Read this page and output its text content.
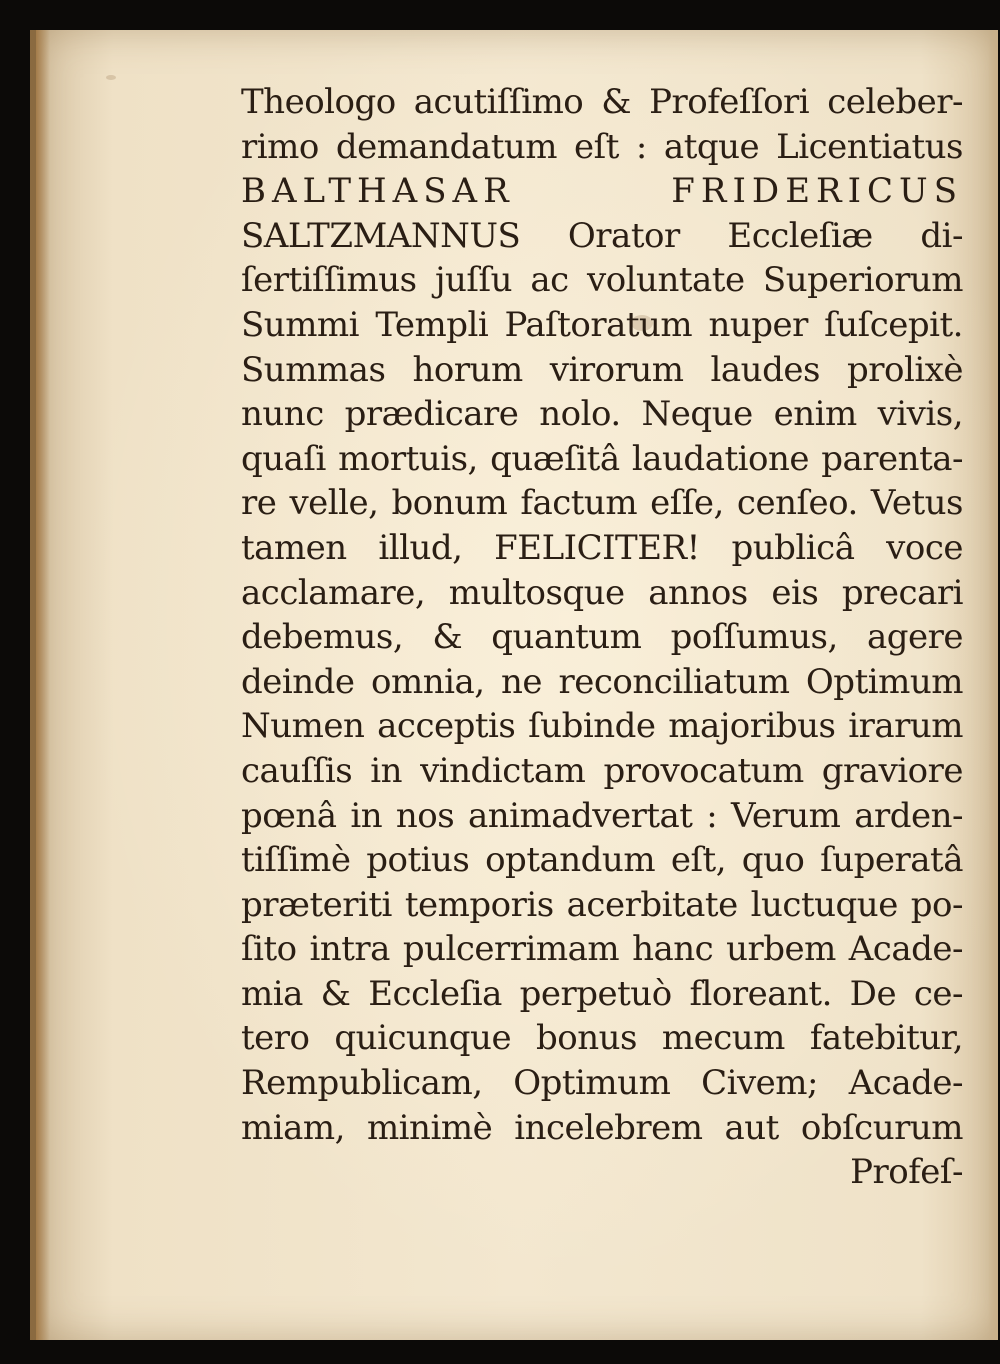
Theologo acutiſſimo & Profeſſori celeber-
rimo demandatum eſt : atque Licentiatus
BALTHASAR FRIDERICUS
SALTZMANNUS Orator Eccleſiæ di-
ſertiſſimus juſſu ac voluntate Superiorum
Summi Templi Paſtoratum nuper ſuſcepit.
Summas horum virorum laudes prolixè
nunc prædicare nolo. Neque enim vivis,
quaſi mortuis, quæſitâ laudatione parenta-
re velle, bonum factum eſſe, cenſeo. Vetus
tamen illud, FELICITER! publicâ voce
acclamare, multosque annos eis precari
debemus, & quantum poſſumus, agere
deinde omnia, ne reconciliatum Optimum
Numen acceptis ſubinde majoribus irarum
cauſſis in vindictam provocatum graviore
pœnâ in nos animadvertat : Verum arden-
tiſſimè potius optandum eſt, quo ſuperatâ
præteriti temporis acerbitate luctuque po-
ſito intra pulcerrimam hanc urbem Acade-
mia & Eccleſia perpetuò floreant. De ce-
tero quicunque bonus mecum fatebitur,
Rempublicam, Optimum Civem; Acade-
miam, minimè incelebrem aut obſcurum
Profeſ-
